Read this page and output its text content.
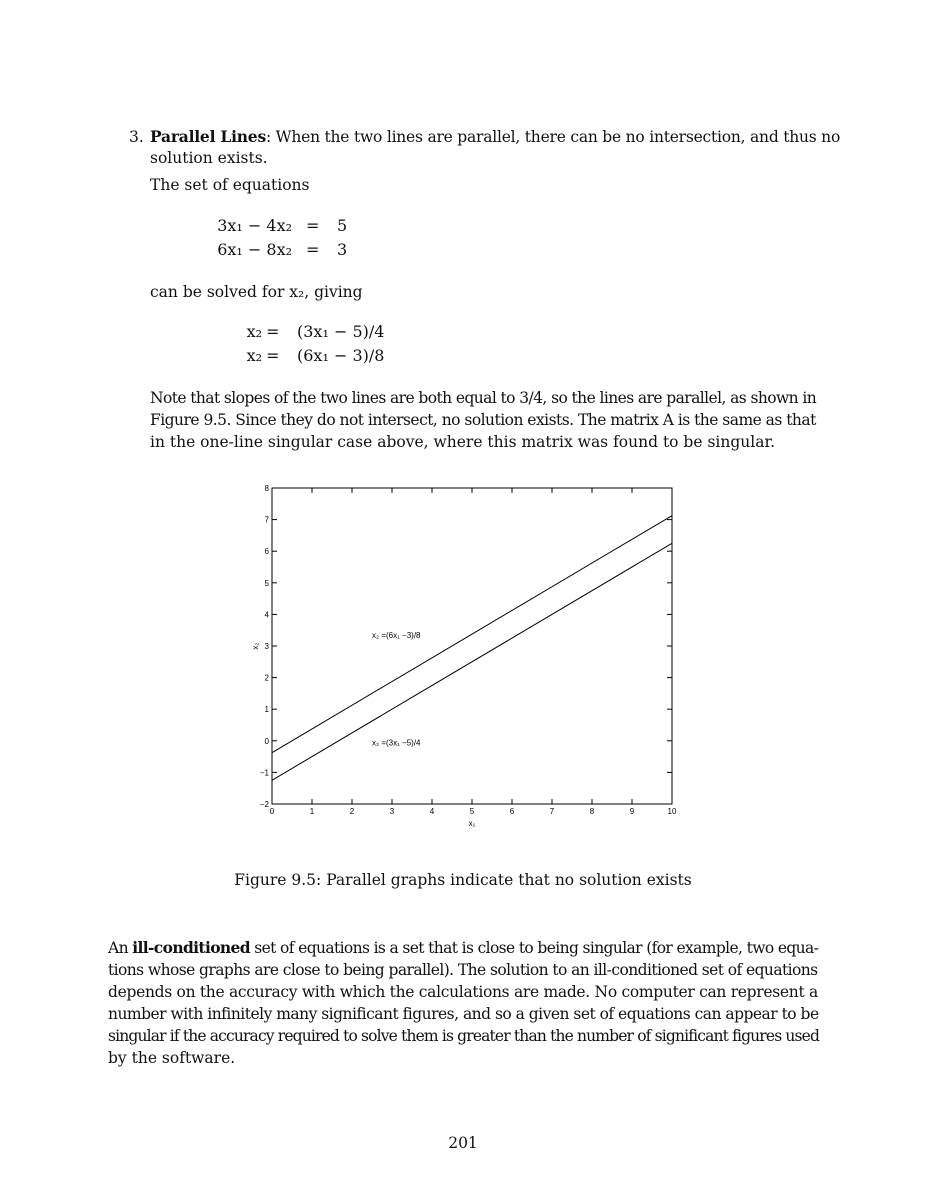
3. Parallel Lines: When the two lines are parallel, there can be no intersection, and thus no
solution exists.
The set of equations
3x₁ − 4x₂ = 5
6x₁ − 8x₂ = 3
can be solved for x₂, giving
x₂ = (3x₁ − 5)/4
x₂ = (6x₁ − 3)/8
Note that slopes of the two lines are both equal to 3/4, so the lines are parallel, as shown in
Figure 9.5. Since they do not intersect, no solution exists. The matrix A is the same as that
in the one-line singular case above, where this matrix was found to be singular.
0	1	2	3	4	5	6	7	8	9	10
−2
−1
0
1
2
3
4
5
6
7
8
x₁
x₂
x₂ =(6x₁ −3)/8
x₂ =(3x₁ −5)/4
Figure 9.5: Parallel graphs indicate that no solution exists
An ill-conditioned set of equations is a set that is close to being singular (for example, two equa-
tions whose graphs are close to being parallel). The solution to an ill-conditioned set of equations
depends on the accuracy with which the calculations are made. No computer can represent a
number with infinitely many significant figures, and so a given set of equations can appear to be
singular if the accuracy required to solve them is greater than the number of significant figures used
by the software.
201
